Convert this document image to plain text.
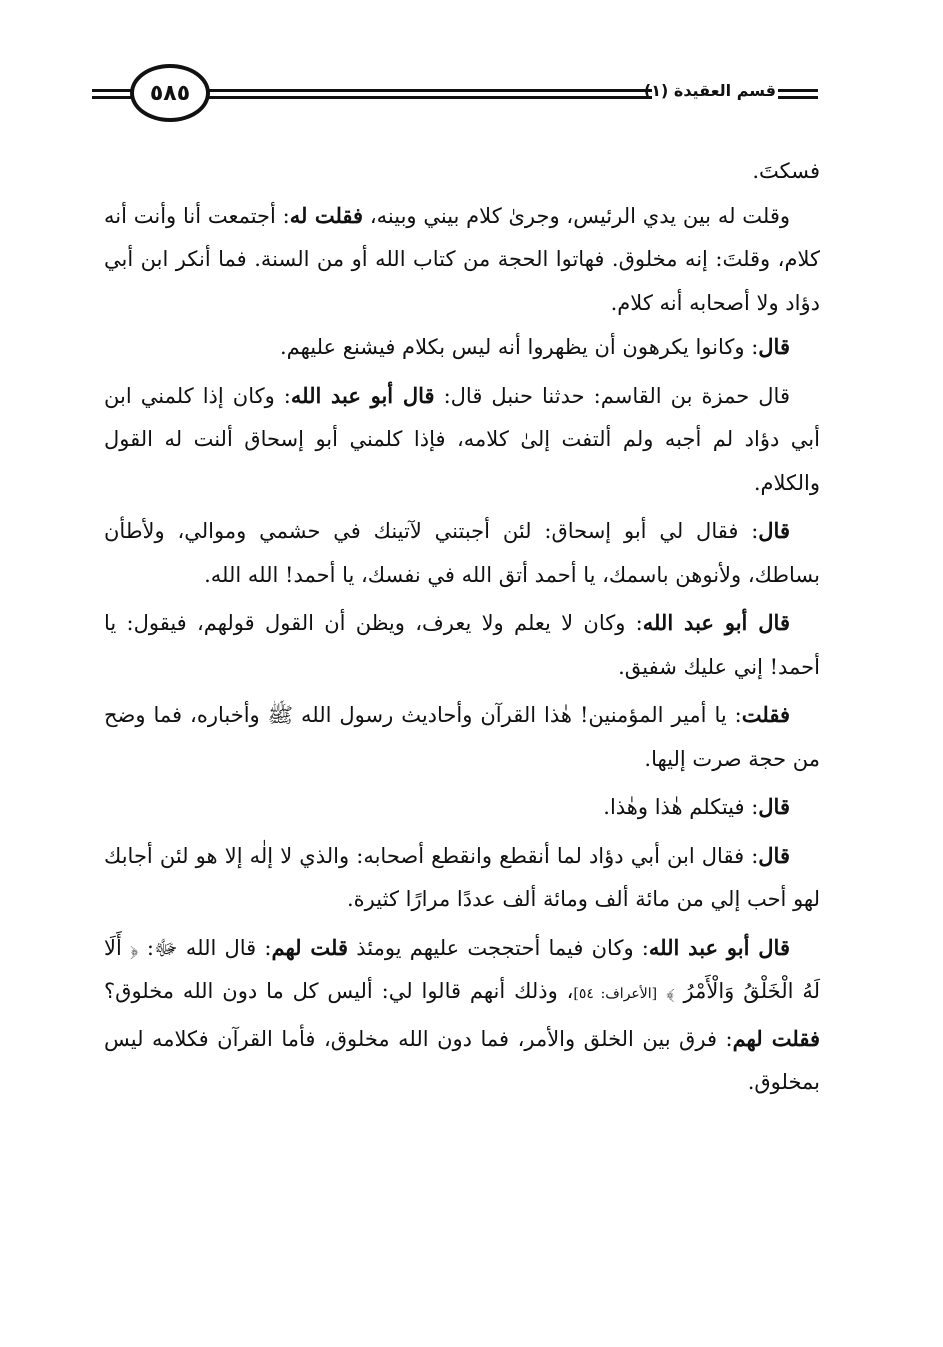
٥٨٥	قسم العقيدة (١)

فسكتَ.

وقلت له بين يدي الرئيس، وجرىٰ كلام بيني وبينه، فقلت له: أجتمعت أنا وأنت أنه كلام، وقلتَ: إنه مخلوق. فهاتوا الحجة من كتاب الله أو من السنة. فما أنكر ابن أبي دؤاد ولا أصحابه أنه كلام.

قال: وكانوا يكرهون أن يظهروا أنه ليس بكلام فيشنع عليهم.

قال حمزة بن القاسم: حدثنا حنبل قال: قال أبو عبد الله: وكان إذا كلمني ابن أبي دؤاد لم أجبه ولم ألتفت إلىٰ كلامه، فإذا كلمني أبو إسحاق ألنت له القول والكلام.

قال: فقال لي أبو إسحاق: لئن أجبتني لآتينك في حشمي وموالي، ولأطأن بساطك، ولأنوهن باسمك، يا أحمد أتق الله في نفسك، يا أحمد! الله الله.

قال أبو عبد الله: وكان لا يعلم ولا يعرف، ويظن أن القول قولهم، فيقول: يا أحمد! إني عليك شفيق.

فقلت: يا أمير المؤمنين! هٰذا القرآن وأحاديث رسول الله ﷺ وأخباره، فما وضح من حجة صرت إليها.

قال: فيتكلم هٰذا وهٰذا.

قال: فقال ابن أبي دؤاد لما أنقطع وانقطع أصحابه: والذي لا إلٰه إلا هو لئن أجابك لهو أحب إلي من مائة ألف ومائة ألف عددًا مرارًا كثيرة.

قال أبو عبد الله: وكان فيما أحتججت عليهم يومئذ قلت لهم: قال الله ﷻ: ﴿ أَلَا لَهُ الْخَلْقُ وَالْأَمْرُ ﴾ [الأعراف: ٥٤]، وذلك أنهم قالوا لي: أليس كل ما دون الله مخلوق؟ فقلت لهم: فرق بين الخلق والأمر، فما دون الله مخلوق، فأما القرآن فكلامه ليس بمخلوق.
